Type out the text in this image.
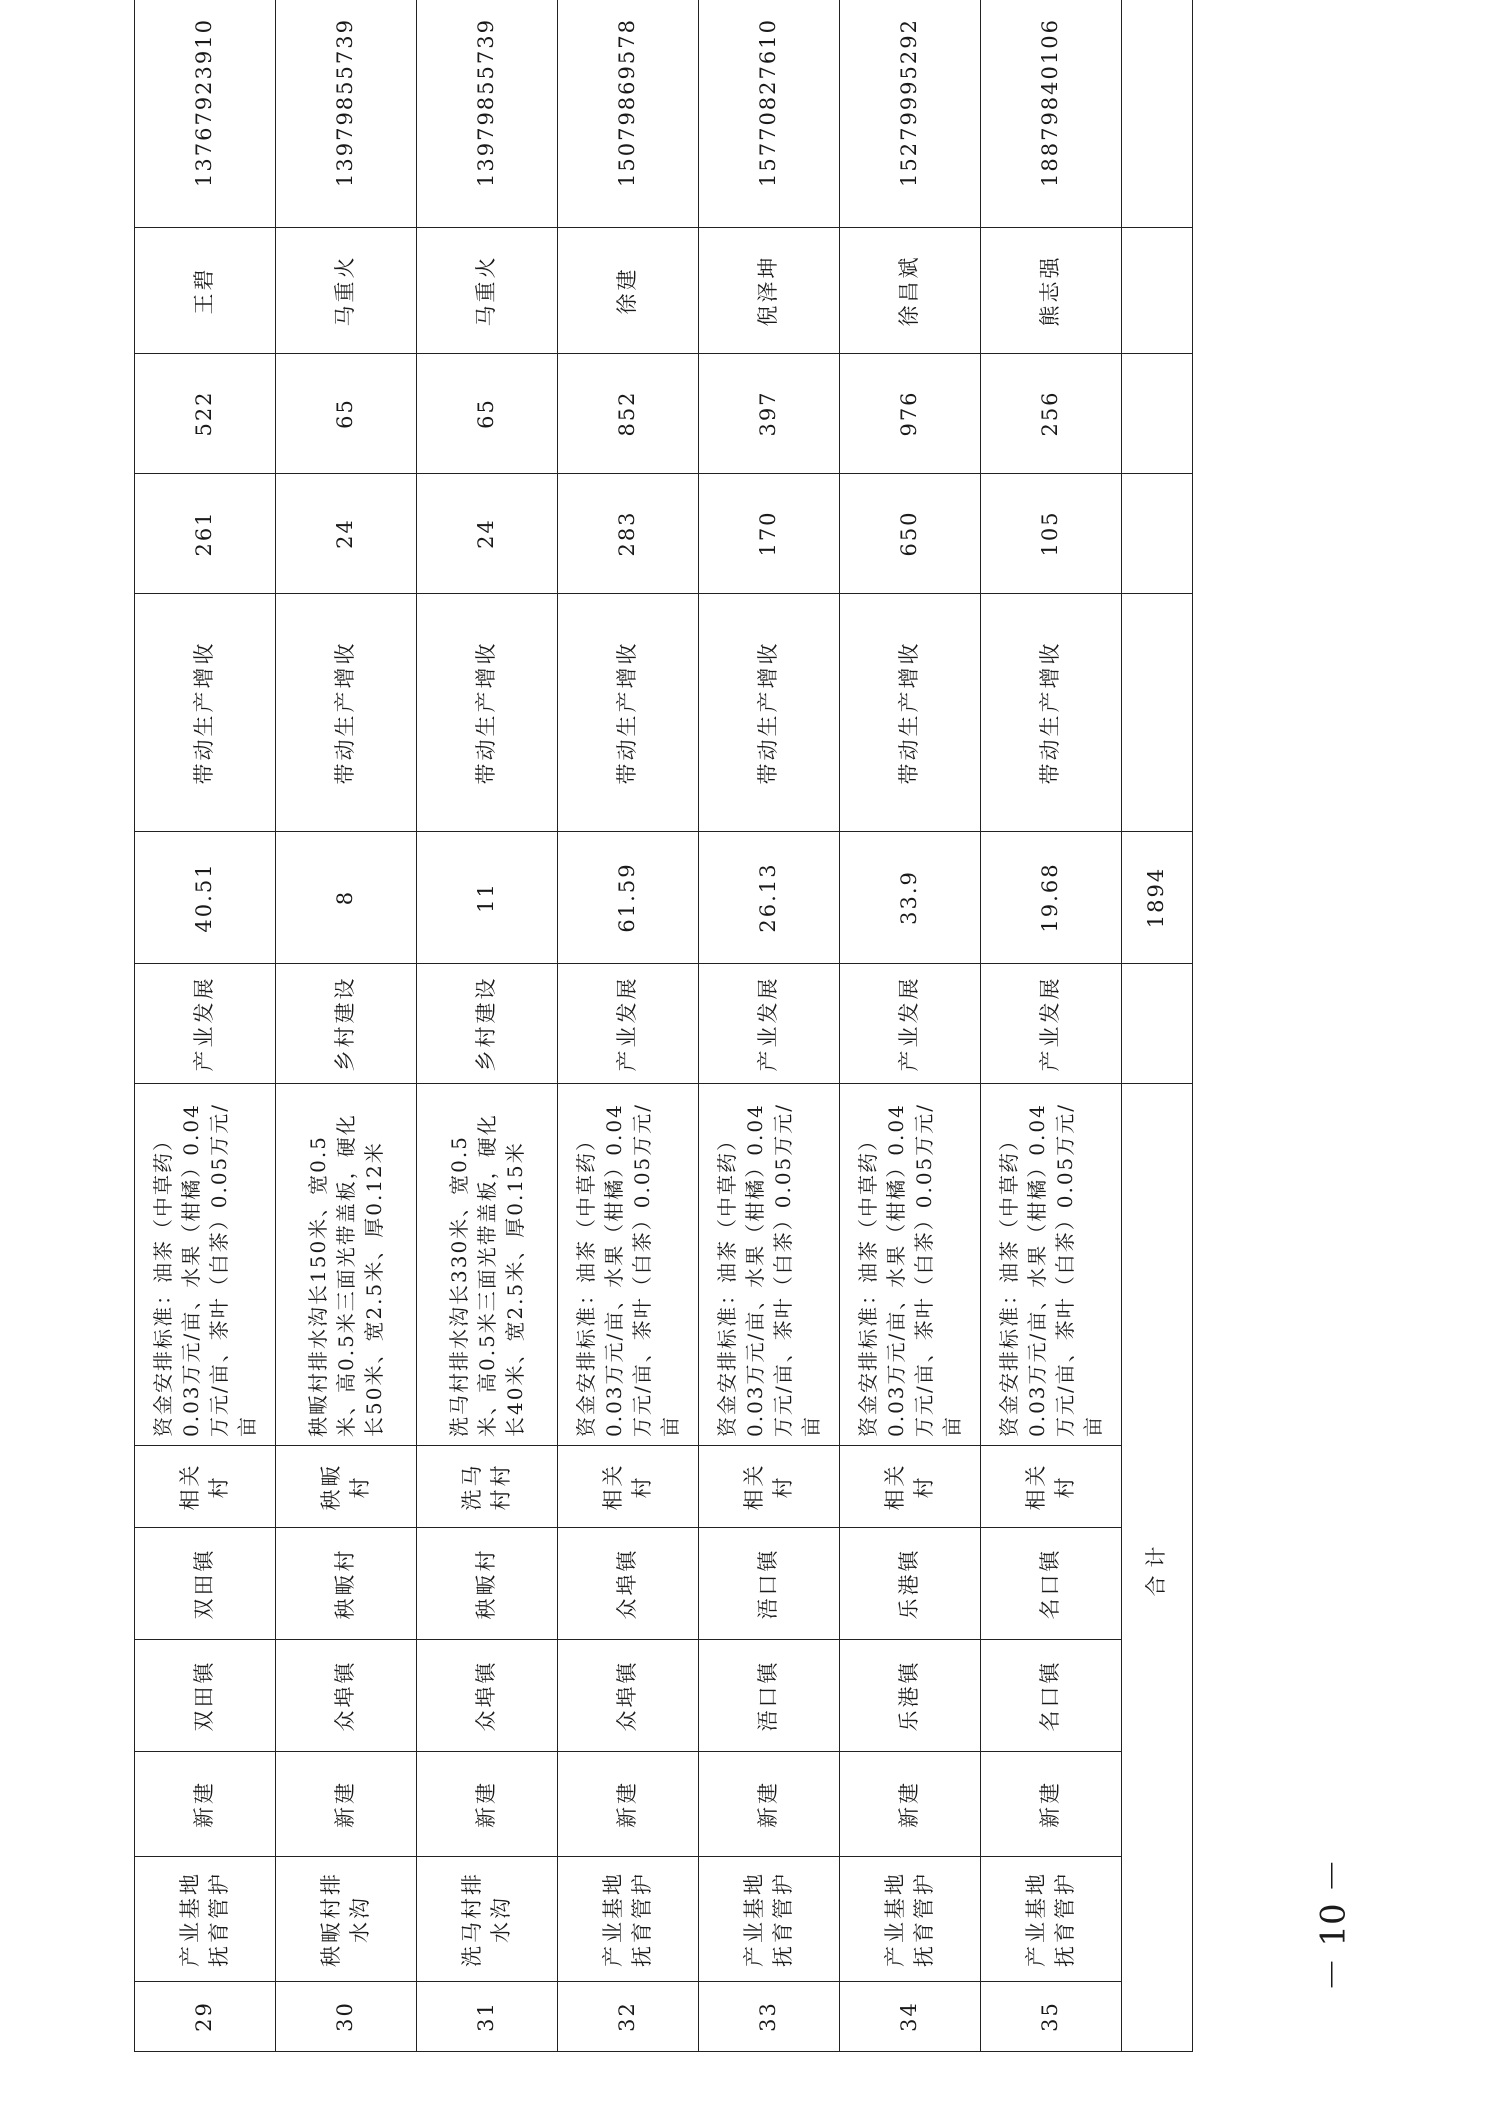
29	产业基地抚育管护	新建	双田镇	双田镇	相关村	资金安排标准：油茶（中草药）0.03万元/亩、水果（柑橘）0.04万元/亩、茶叶（白茶）0.05万元/亩	产业发展	40.51	带动生产增收	261	522	王碧	13767923910	
30	秧畈村排水沟	新建	众埠镇	秧畈村	秧畈村	秧畈村排水沟长150米、宽0.5米、高0.5米三面光带盖板，硬化长50米、宽2.5米、厚0.12米	乡村建设	8	带动生产增收	24	65	马重火	13979855739	
31	洗马村排水沟	新建	众埠镇	秧畈村	洗马村村	洗马村排水沟长330米、宽0.5米、高0.5米三面光带盖板，硬化长40米、宽2.5米、厚0.15米	乡村建设	11	带动生产增收	24	65	马重火	13979855739	
32	产业基地抚育管护	新建	众埠镇	众埠镇	相关村	资金安排标准：油茶（中草药）0.03万元/亩、水果（柑橘）0.04万元/亩、茶叶（白茶）0.05万元/亩	产业发展	61.59	带动生产增收	283	852	徐建	15079869578	
33	产业基地抚育管护	新建	浯口镇	浯口镇	相关村	资金安排标准：油茶（中草药）0.03万元/亩、水果（柑橘）0.04万元/亩、茶叶（白茶）0.05万元/亩	产业发展	26.13	带动生产增收	170	397	倪泽坤	15770827610	
34	产业基地抚育管护	新建	乐港镇	乐港镇	相关村	资金安排标准：油茶（中草药）0.03万元/亩、水果（柑橘）0.04万元/亩、茶叶（白茶）0.05万元/亩	产业发展	33.9	带动生产增收	650	976	徐昌斌	15279995292	
35	产业基地抚育管护	新建	名口镇	名口镇	相关村	资金安排标准：油茶（中草药）0.03万元/亩、水果（柑橘）0.04万元/亩、茶叶（白茶）0.05万元/亩	产业发展	19.68	带动生产增收	105	256	熊志强	18879840106	
合计								1894						
－ 10 －
